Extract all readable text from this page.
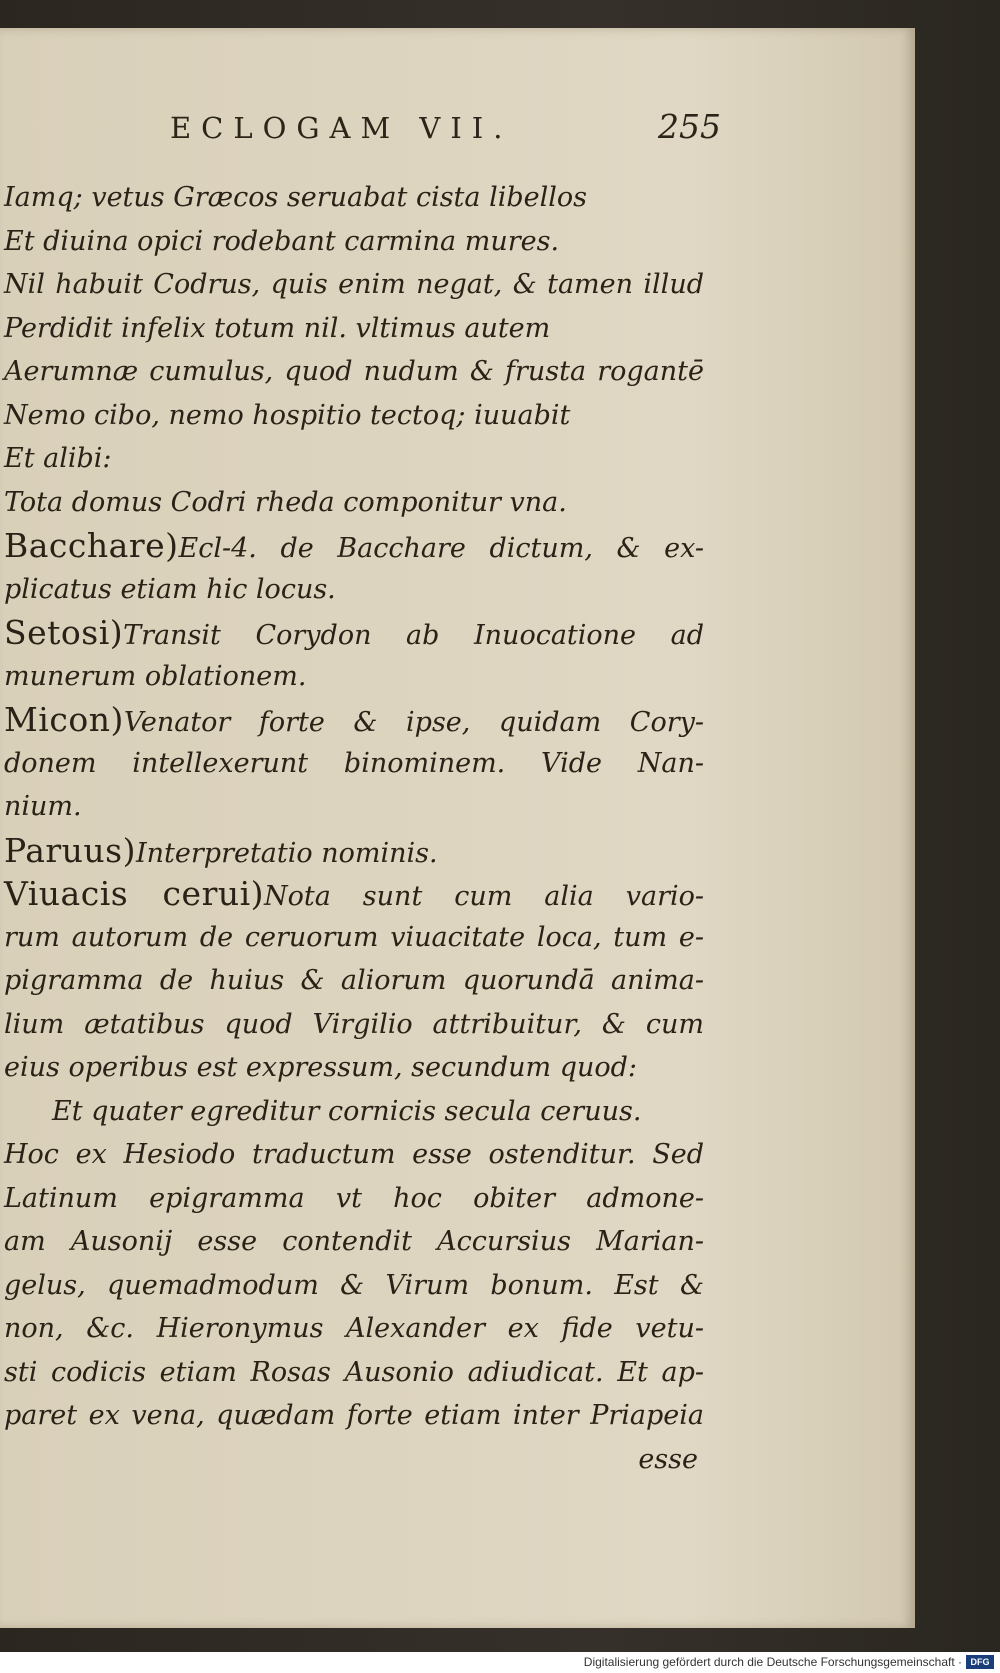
ECLOGAM VII.	255
Iamq; vetus Græcos seruabat cista libellos
Et diuina opici rodebant carmina mures.
Nil habuit Codrus, quis enim negat, & tamen illud
Perdidit infelix totum nil. vltimus autem
Aerumnæ cumulus, quod nudum & frusta rogantē
Nemo cibo, nemo hospitio tectoq; iuuabit
Et alibi:
Tota domus Codri rheda componitur vna.
Bacchare)Ecl-4. de Bacchare dictum, & ex-
plicatus etiam hic locus.
Setosi)Transit Corydon ab Inuocatione ad
munerum oblationem.
Micon)Venator forte & ipse, quidam Cory-
donem intellexerunt binominem. Vide Nan-
nium.
Paruus)Interpretatio nominis.
Viuacis cerui)Nota sunt cum alia vario-
rum autorum de ceruorum viuacitate loca, tum e-
pigramma de huius & aliorum quorundā anima-
lium ætatibus quod Virgilio attribuitur, & cum
eius operibus est expressum, secundum quod:
Et quater egreditur cornicis secula ceruus.
Hoc ex Hesiodo traductum esse ostenditur. Sed
Latinum epigramma vt hoc obiter admone-
am Ausonij esse contendit Accursius Marian-
gelus, quemadmodum & Virum bonum. Est &
non, &c. Hieronymus Alexander ex fide vetu-
sti codicis etiam Rosas Ausonio adiudicat. Et ap-
paret ex vena, quædam forte etiam inter Priapeia
esse
Digitalisierung gefördert durch die Deutsche Forschungsgemeinschaft · DFG
